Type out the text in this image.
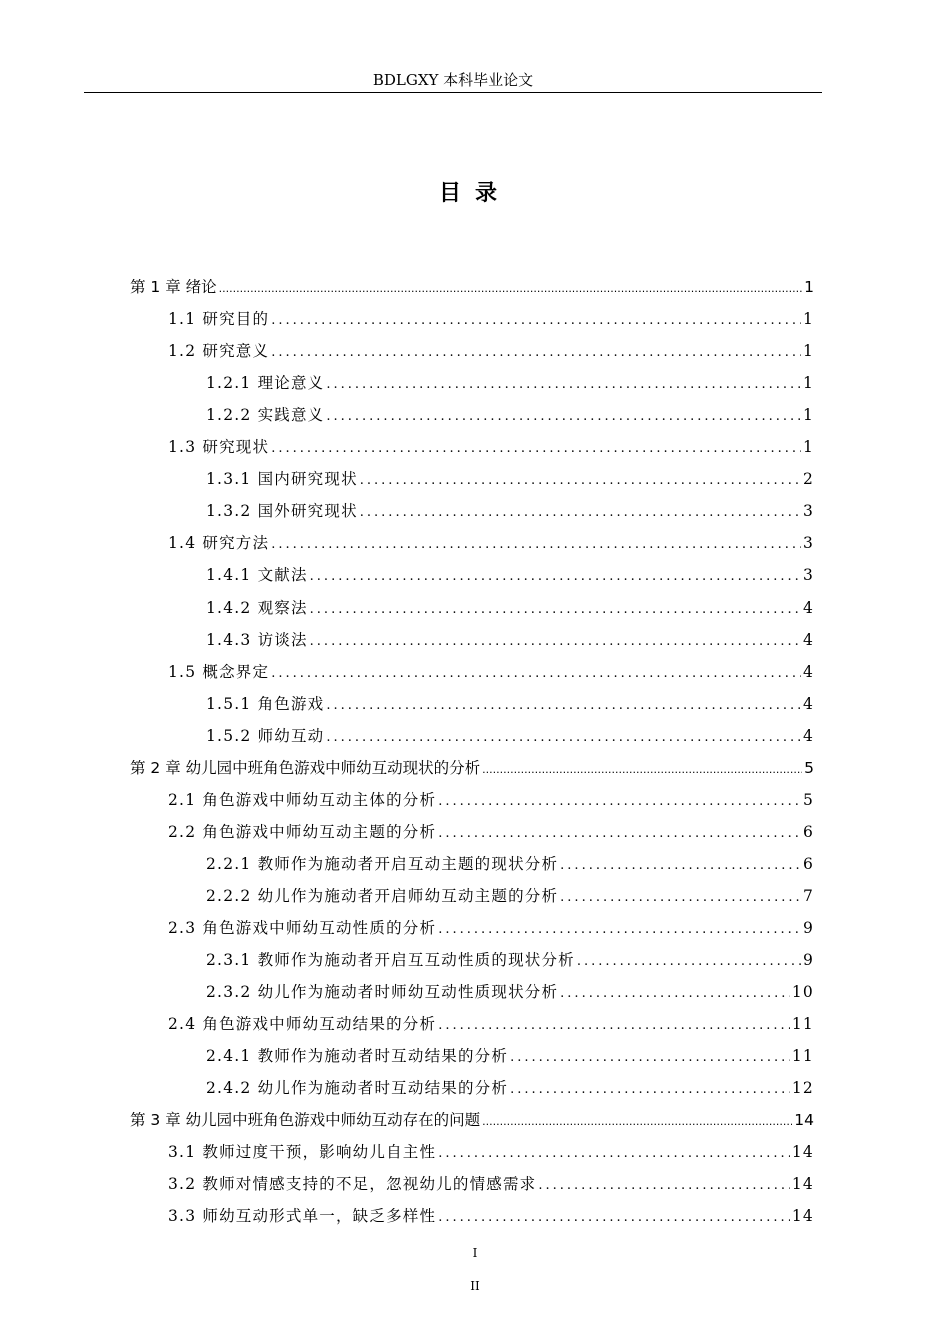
BDLGXY 本科毕业论文
目录
第 1 章 绪论 .....	1
1.1 研究目的 .....	1
1.2 研究意义 .....	1
1.2.1 理论意义 .....	1
1.2.2 实践意义 .....	1
1.3 研究现状 .....	1
1.3.1 国内研究现状 .....	2
1.3.2 国外研究现状 .....	3
1.4 研究方法 .....	3
1.4.1 文献法 .....	3
1.4.2 观察法 .....	4
1.4.3 访谈法 .....	4
1.5 概念界定 .....	4
1.5.1 角色游戏 .....	4
1.5.2 师幼互动 .....	4
第 2 章 幼儿园中班角色游戏中师幼互动现状的分析 .....	5
2.1 角色游戏中师幼互动主体的分析 .....	5
2.2 角色游戏中师幼互动主题的分析 .....	6
2.2.1 教师作为施动者开启互动主题的现状分析 .....	6
2.2.2 幼儿作为施动者开启师幼互动主题的分析 .....	7
2.3 角色游戏中师幼互动性质的分析 .....	9
2.3.1 教师作为施动者开启互互动性质的现状分析 .....	9
2.3.2 幼儿作为施动者时师幼互动性质现状分析 .....	10
2.4 角色游戏中师幼互动结果的分析 .....	11
2.4.1 教师作为施动者时互动结果的分析 .....	11
2.4.2 幼儿作为施动者时互动结果的分析 .....	12
第 3 章 幼儿园中班角色游戏中师幼互动存在的问题 .....	14
3.1 教师过度干预，影响幼儿自主性 .....	14
3.2 教师对情感支持的不足，忽视幼儿的情感需求 .....	14
3.3 师幼互动形式单一，缺乏多样性 .....	14
I
II
